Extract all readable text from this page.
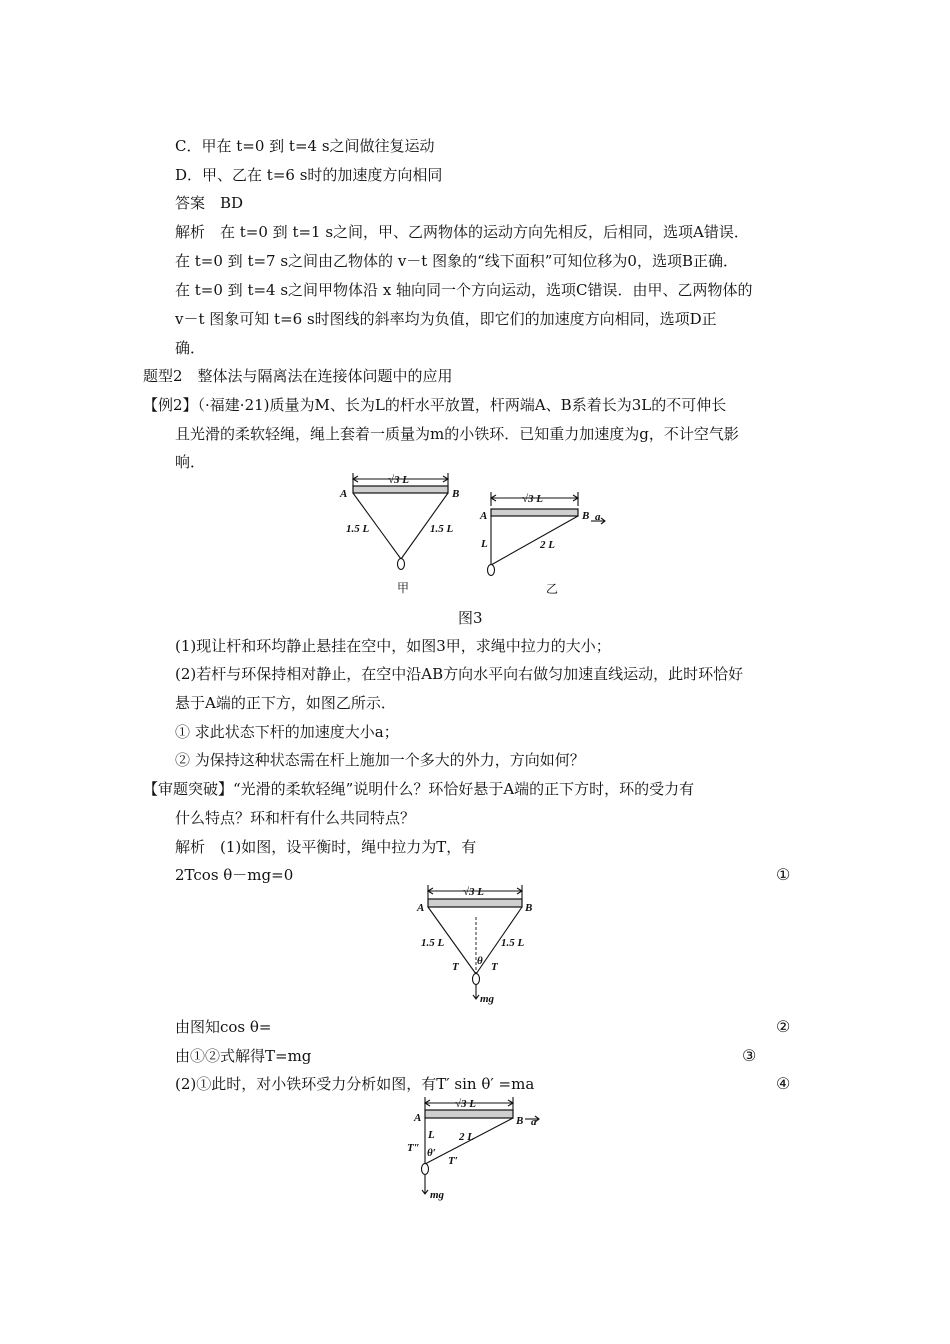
C．甲在 t=0 到 t=4 s之间做往复运动
D．甲、乙在 t=6 s时的加速度方向相同
答案　BD
解析　在 t=0 到 t=1 s之间，甲、乙两物体的运动方向先相反，后相同，选项A错误．
在 t=0 到 t=7 s之间由乙物体的 v－t 图象的“线下面积”可知位移为0，选项B正确．
在 t=0 到 t=4 s之间甲物体沿 x 轴向同一个方向运动，选项C错误．由甲、乙两物体的
v－t 图象可知 t=6 s时图线的斜率均为负值，即它们的加速度方向相同，选项D正
确．
题型2　整体法与隔离法在连接体问题中的应用
【例2】（·福建·21)质量为M、长为L的杆水平放置，杆两端A、B系着长为3L的不可伸长
且光滑的柔软轻绳，绳上套着一质量为m的小铁环．已知重力加速度为g，不计空气影
响．
√3 L
A	B
1.5 L	1.5 L
甲
√3 L
A	B a
L	2 L
乙
图3
(1)现让杆和环均静止悬挂在空中，如图3甲，求绳中拉力的大小；
(2)若杆与环保持相对静止，在空中沿AB方向水平向右做匀加速直线运动，此时环恰好
悬于A端的正下方，如图乙所示．
① 求此状态下杆的加速度大小a；
② 为保持这种状态需在杆上施加一个多大的外力，方向如何？
【审题突破】“光滑的柔软轻绳”说明什么？环恰好悬于A端的正下方时，环的受力有
什么特点？环和杆有什么共同特点？
解析　(1)如图，设平衡时，绳中拉力为T，有
2Tcos θ－mg=0	①
√3 L
A	B
1.5 L	1.5 L
T	T
θ
mg
由图知cos θ=	②
由①②式解得T=mg	③
(2)①此时，对小铁环受力分析如图，有T′ sin θ′ =ma	④
√3 L
A	B a
L 2 L
T″
T′
θ′
mg
